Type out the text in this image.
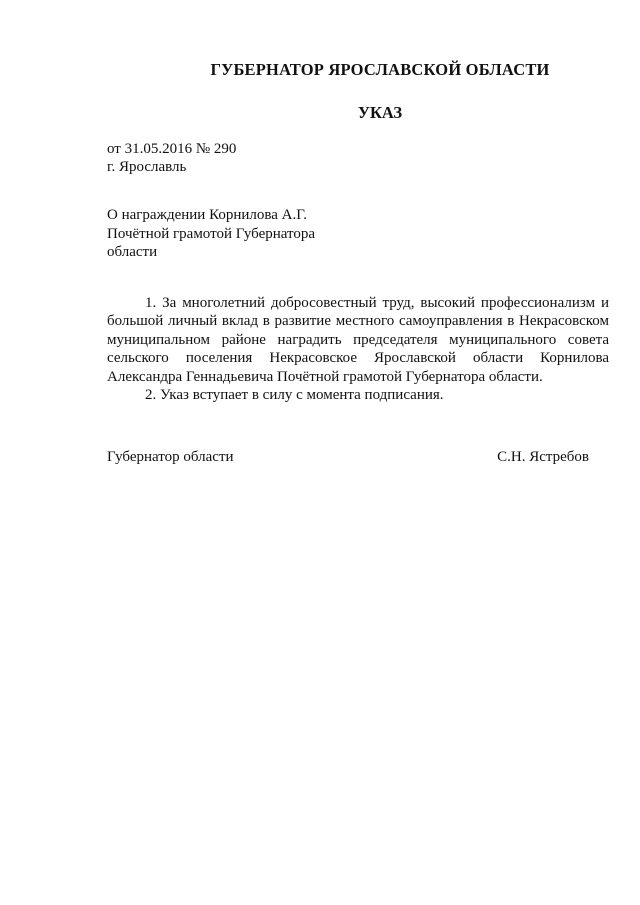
ГУБЕРНАТОР ЯРОСЛАВСКОЙ ОБЛАСТИ
УКАЗ
от 31.05.2016 № 290
г. Ярославль
О награждении Корнилова А.Г.
Почётной грамотой Губернатора
области

1. За многолетний добросовестный труд, высокий профессионализм и большой личный вклад в развитие местного самоуправления в Некрасовском муниципальном районе наградить председателя муниципального совета сельского поселения Некрасовское Ярославской области Корнилова Александра Геннадьевича Почётной грамотой Губернатора области.

2. Указ вступает в силу с момента подписания.

Губернатор области	С.Н. Ястребов
